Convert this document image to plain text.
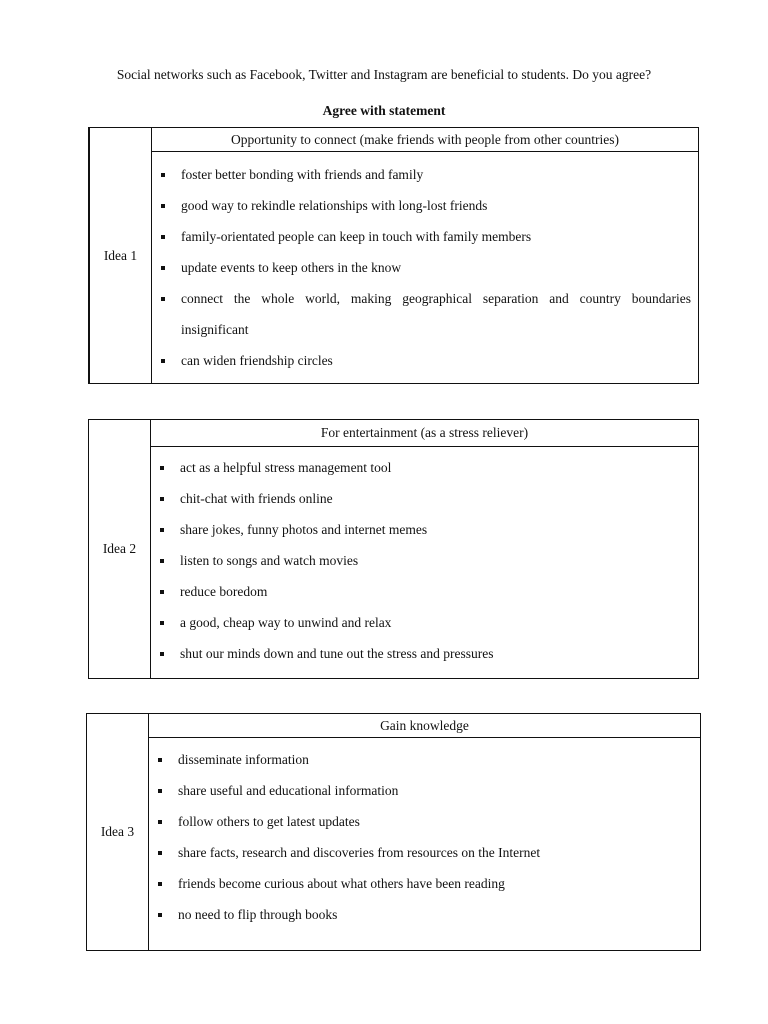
Social networks such as Facebook, Twitter and Instagram are beneficial to students. Do you agree?
Agree with statement
Idea 1	Opportunity to connect (make friends with people from other countries)

foster better bonding with friends and family
good way to rekindle relationships with long-lost friends
family-orientated people can keep in touch with family members
update events to keep others in the know
connect the whole world, making geographical separation and country boundaries insignificant
can widen friendship circles
Idea 2	For entertainment (as a stress reliever)

act as a helpful stress management tool
chit-chat with friends online
share jokes, funny photos and internet memes
listen to songs and watch movies
reduce boredom
a good, cheap way to unwind and relax
shut our minds down and tune out the stress and pressures
Idea 3	Gain knowledge

disseminate information
share useful and educational information
follow others to get latest updates
share facts, research and discoveries from resources on the Internet
friends become curious about what others have been reading
no need to flip through books
